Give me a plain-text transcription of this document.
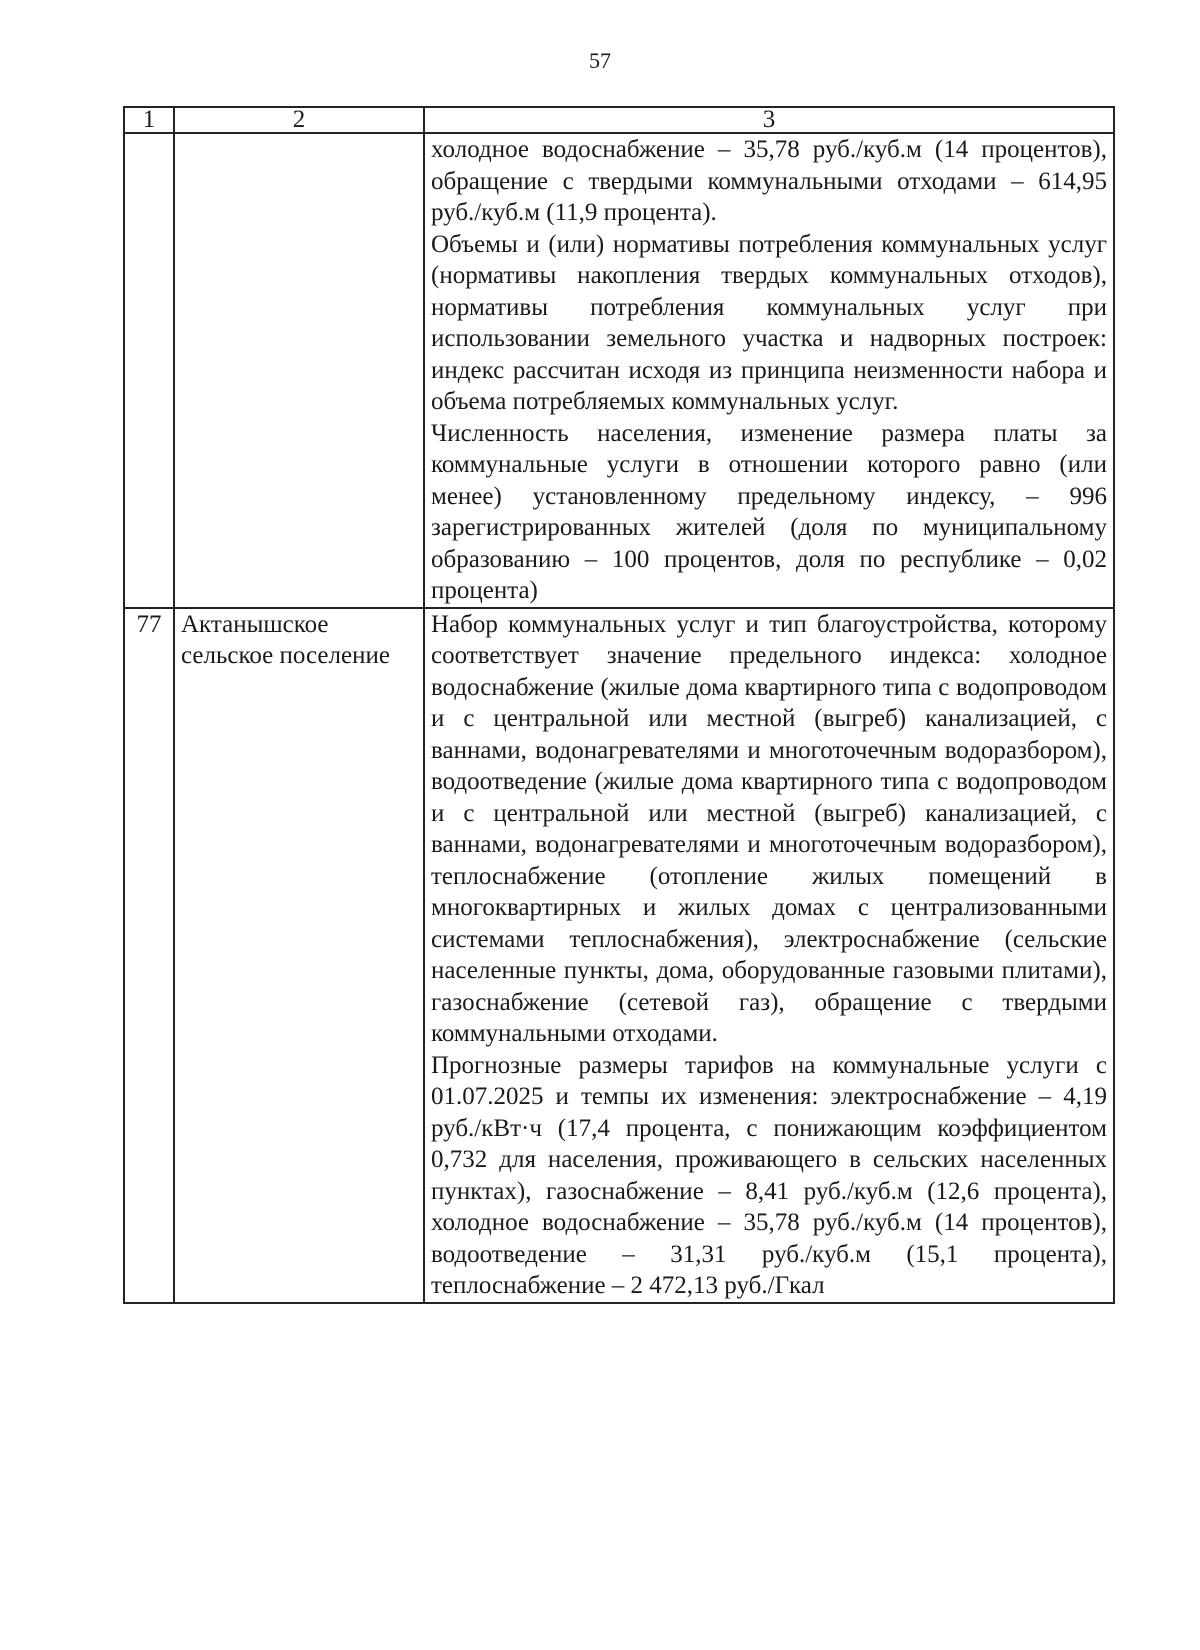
57
1	2	3

		холодное водоснабжение – 35,78 руб./куб.м (14 процентов), обращение с твердыми коммунальными отходами – 614,95 руб./куб.м (11,9 процента).

Объемы и (или) нормативы потребления коммунальных услуг (нормативы накопления твердых коммунальных отходов), нормативы потребления коммунальных услуг при использовании земельного участка и надворных построек: индекс рассчитан исходя из принципа неизменности набора и объема потребляемых коммунальных услуг.

Численность населения, изменение размера платы за коммунальные услуги в отношении которого равно (или менее) установленному предельному индексу, – 996 зарегистрированных жителей (доля по муниципальному образованию – 100 процентов, доля по республике – 0,02 процента)

77	Актанышское сельское поселение	Набор коммунальных услуг и тип благоустройства, которому соответствует значение предельного индекса: холодное водоснабжение (жилые дома квартирного типа с водопроводом и с центральной или местной (выгреб) канализацией, с ваннами, водонагревателями и многоточечным водоразбором), водоотведение (жилые дома квартирного типа с водопроводом и с центральной или местной (выгреб) канализацией, с ваннами, водонагревателями и многоточечным водоразбором), теплоснабжение (отопление жилых помещений в многоквартирных и жилых домах с централизованными системами теплоснабжения), электроснабжение (сельские населенные пункты, дома, оборудованные газовыми плитами), газоснабжение (сетевой газ), обращение с твердыми коммунальными отходами.

Прогнозные размеры тарифов на коммунальные услуги с 01.07.2025 и темпы их изменения: электроснабжение – 4,19 руб./кВт·ч (17,4 процента, с понижающим коэффициентом 0,732 для населения, проживающего в сельских населенных пунктах), газоснабжение – 8,41 руб./куб.м (12,6 процента), холодное водоснабжение – 35,78 руб./куб.м (14 процентов), водоотведение – 31,31 руб./куб.м (15,1 процента), теплоснабжение – 2 472,13 руб./Гкал
